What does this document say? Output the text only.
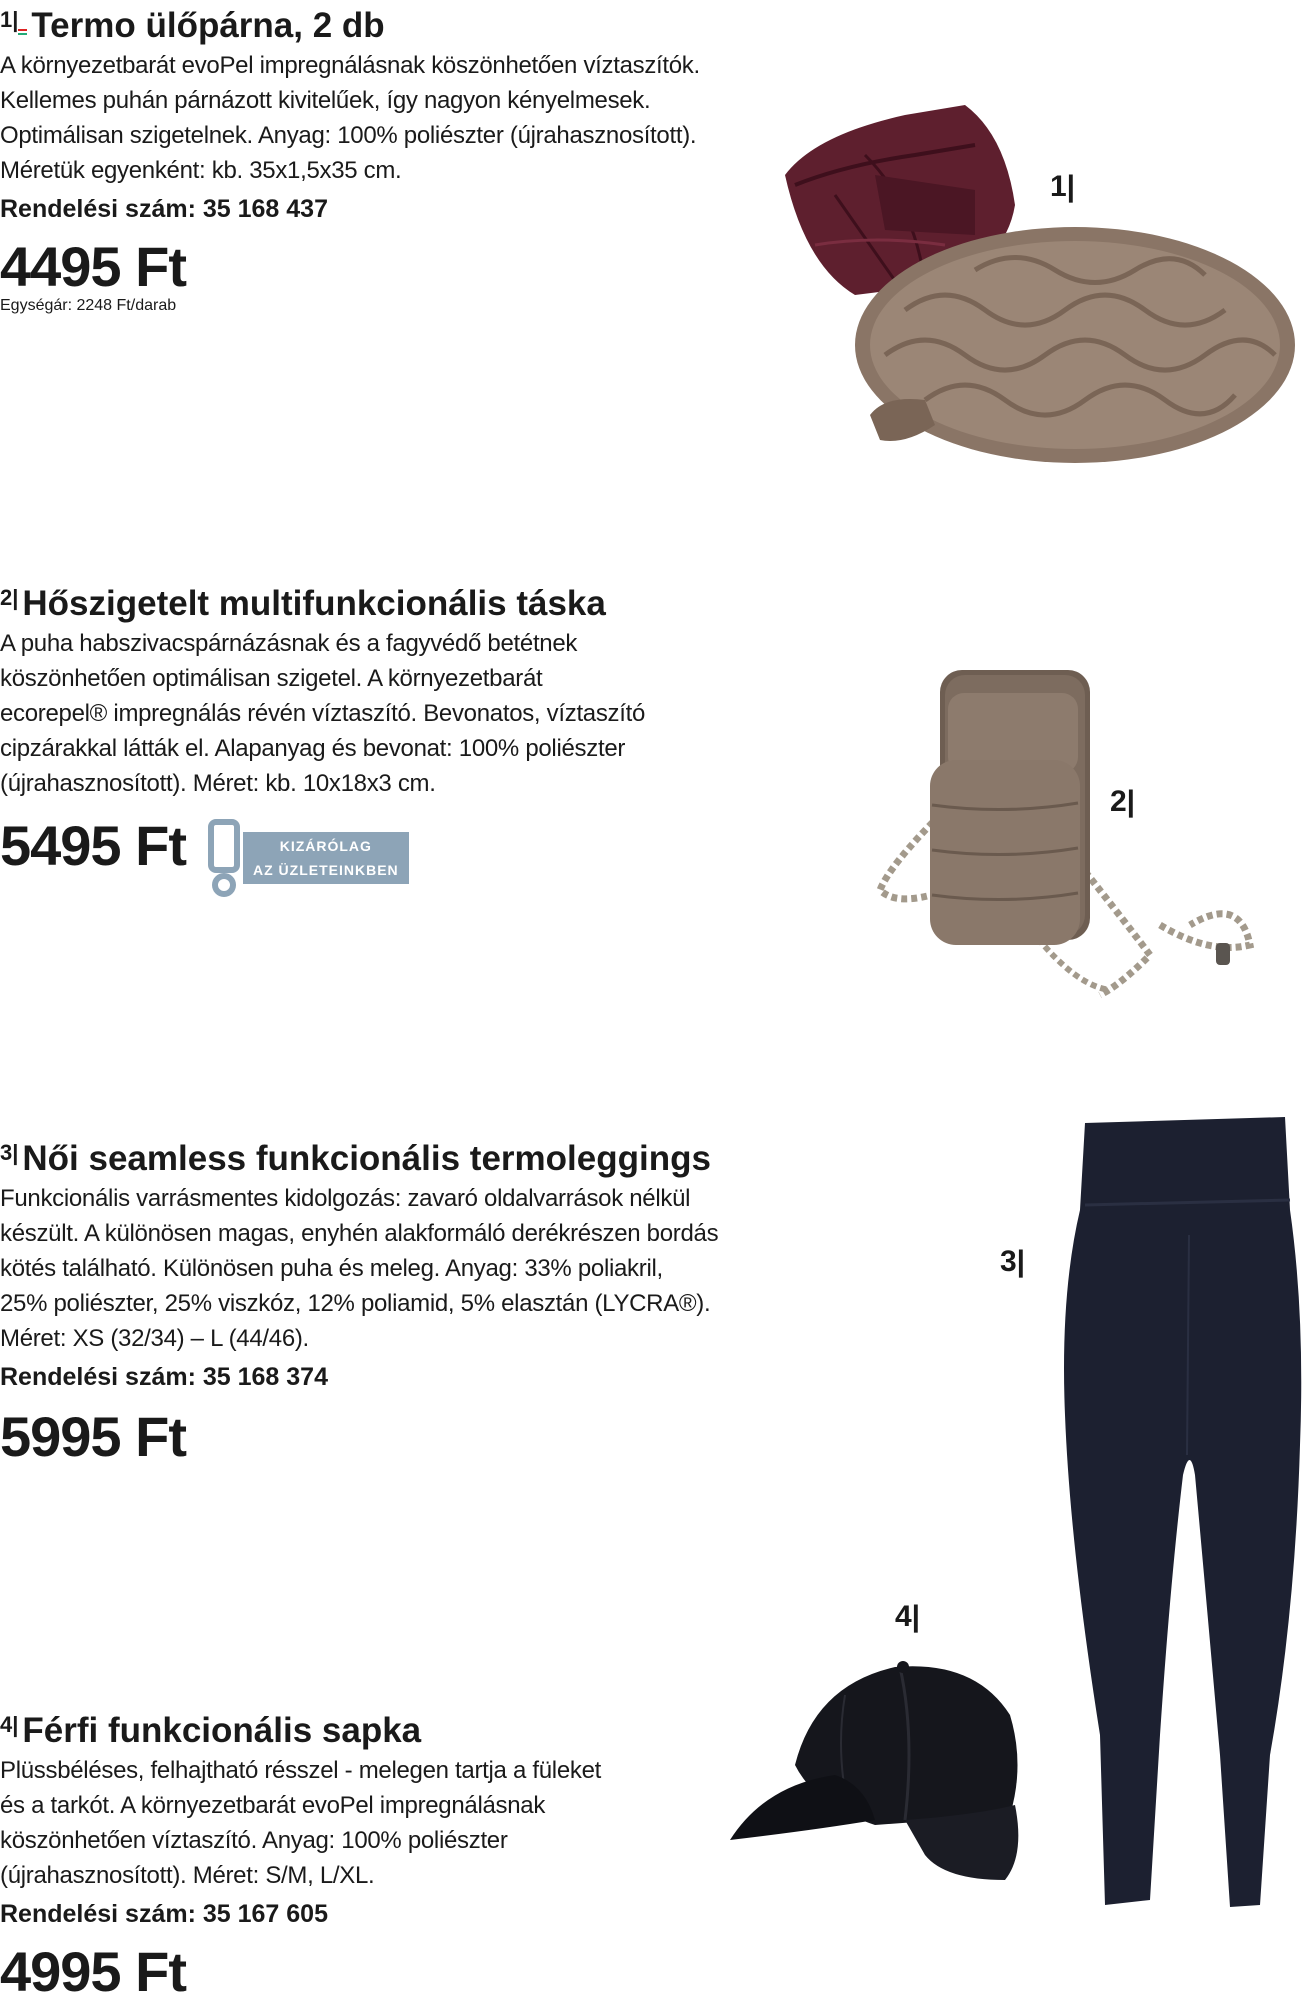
$^{1|}$ Termo ülőpárna, 2 db

A környezetbarát evoPel impregnálásnak köszönhetően víztaszítók.
Kellemes puhán párnázott kivitelűek, így nagyon kényelmesek.
Optimálisan szigetelnek. Anyag: 100% poliészter (újrahasznosított).
Méretük egyenként: kb. 35x1,5x35 cm.

Rendelési szám: 35 168 437
4495 Ft
Egységár: 2248 Ft/darab
1|
$^{2|}$ Hőszigetelt multifunkcionális táska

A puha habszivacspárnázásnak és a fagyvédő betétnek
köszönhetően optimálisan szigetel. A környezetbarát
ecorepel® impregnálás révén víztaszító. Bevonatos, víztaszító
cipzárakkal látták el. Alapanyag és bevonat: 100% poliészter
(újrahasznosított). Méret: kb. 10x18x3 cm.

5495 Ft	KIZÁRÓLAG
AZ ÜZLETEINKBEN
2|
$^{3|}$ Női seamless funkcionális termoleggings

Funkcionális varrásmentes kidolgozás: zavaró oldalvarrások nélkül
készült. A különösen magas, enyhén alakformáló derékrészen bordás
kötés található. Különösen puha és meleg. Anyag: 33% poliakril,
25% poliészter, 25% viszkóz, 12% poliamid, 5% elasztán (LYCRA®).
Méret: XS (32/34) – L (44/46).

Rendelési szám: 35 168 374
5995 Ft
3|
$^{4|}$ Férfi funkcionális sapka

Plüssbéléses, felhajtható résszel - melegen tartja a füleket
és a tarkót. A környezetbarát evoPel impregnálásnak
köszönhetően víztaszító. Anyag: 100% poliészter
(újrahasznosított). Méret: S/M, L/XL.

Rendelési szám: 35 167 605
4995 Ft
4|
